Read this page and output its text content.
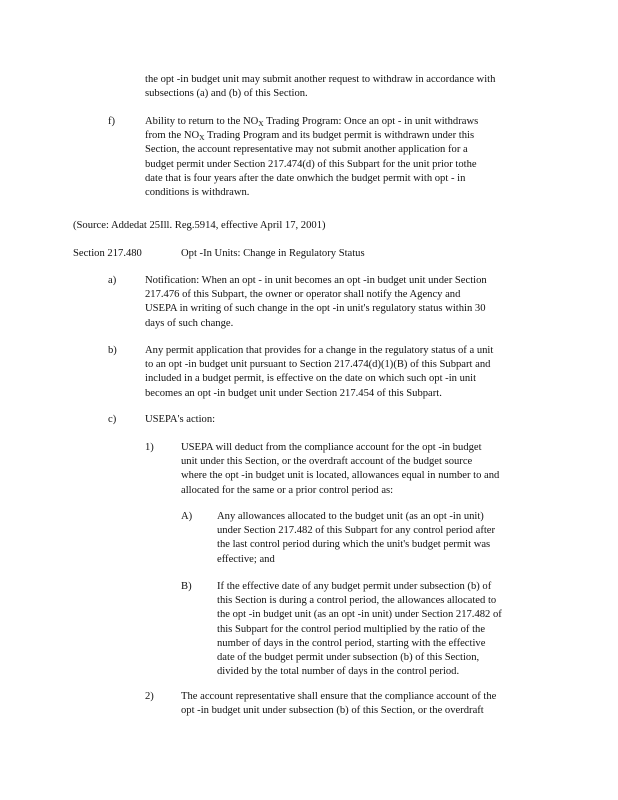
the opt -in budget unit may submit another request to withdraw in accordance with
subsections (a) and (b) of this Section.
f)	Ability to return to the $NO_X$ Trading Program: Once an opt - in unit withdraws
from the $NO_X$ Trading Program and its budget permit is withdrawn under this
Section, the account representative may not submit another application for a
budget permit under Section 217.474(d) of this Subpart for the unit prior tothe
date that is four years after the date onwhich the budget permit with opt - in
conditions is withdrawn.
(Source: Addedat 25Ill. Reg.5914, effective April 17, 2001)
Section 217.480	Opt -In Units: Change in Regulatory Status
a)	Notification: When an opt - in unit becomes an opt -in budget unit under Section
217.476 of this Subpart, the owner or operator shall notify the Agency and
USEPA in writing of such change in the opt -in unit's regulatory status within 30
days of such change.
b)	Any permit application that provides for a change in the regulatory status of a unit
to an opt -in budget unit pursuant to Section 217.474(d)(1)(B) of this Subpart and
included in a budget permit, is effective on the date on which such opt -in unit
becomes an opt -in budget unit under Section 217.454 of this Subpart.
c)	USEPA's action:
1)	USEPA will deduct from the compliance account for the opt -in budget
unit under this Section, or the overdraft account of the budget source
where the opt -in budget unit is located, allowances equal in number to and
allocated for the same or a prior control period as:
A) Any allowances allocated to the budget unit (as an opt -in unit)
under Section 217.482 of this Subpart for any control period after
the last control period during which the unit's budget permit was
effective; and
B) If the effective date of any budget permit under subsection (b) of
this Section is during a control period, the allowances allocated to
the opt -in budget unit (as an opt -in unit) under Section 217.482 of
this Subpart for the control period multiplied by the ratio of the
number of days in the control period, starting with the effective
date of the budget permit under subsection (b) of this Section,
divided by the total number of days in the control period.
2)	The account representative shall ensure that the compliance account of the
opt -in budget unit under subsection (b) of this Section, or the overdraft
